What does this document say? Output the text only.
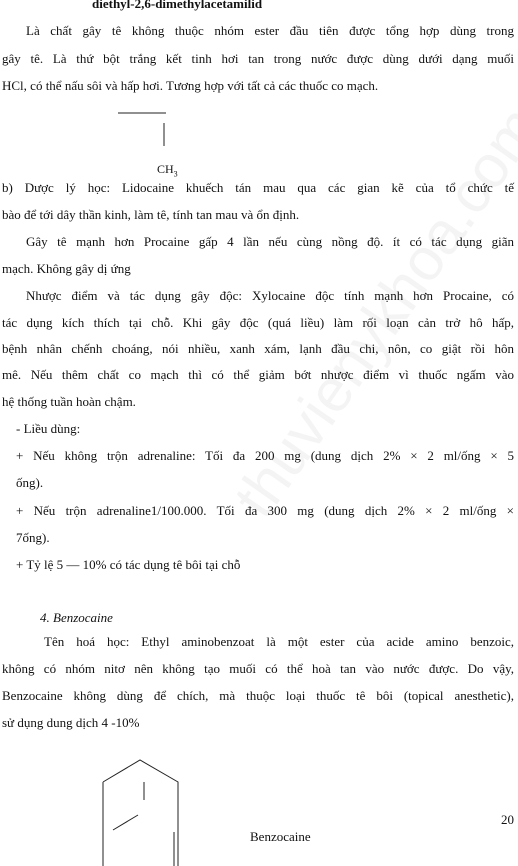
diethyl-2,6-dimethylacetamilid
Là chất gây tê không thuộc nhóm ester đầu tiên được tổng hợp dùng trong
gây tê. Là thứ bột trắng kết tinh hơi tan trong nước được dùng dưới dạng muối
HCl, có thể nấu sôi và hấp hơi. Tương hợp với tất cả các thuốc co mạch.
$CH_3$
b) Dược lý học: Lidocaine khuếch tán mau qua các gian kẽ của tổ chức tế
bào để tới dây thần kinh, làm tê, tính tan mau và ổn định.
Gây tê mạnh hơn Procaine gấp 4 lần nếu cùng nồng độ. ít có tác dụng giãn
mạch. Không gây dị ứng
Nhược điểm và tác dụng gây độc: Xylocaine độc tính mạnh hơn Procaine, có
tác dụng kích thích tại chỗ. Khi gây độc (quá liều) làm rối loạn cản trở hô hấp,
bệnh nhân chếnh choáng, nói nhiều, xanh xám, lạnh đầu chi, nôn, co giật rồi hôn
mê. Nếu thêm chất co mạch thì có thể giảm bớt nhược điểm vì thuốc ngấm vào
hệ thống tuần hoàn chậm.
- Liều dùng:
+ Nếu không trộn adrenaline: Tối đa 200 mg (dung dịch 2% × 2 ml/ống × 5
ống).
+ Nếu trộn adrenaline1/100.000. Tối đa 300 mg (dung dịch 2% × 2 ml/ống ×
7ống).
+ Tỷ lệ 5 — 10% có tác dụng tê bôi tại chỗ
4. Benzocaine
Tên hoá học: Ethyl aminobenzoat là một ester của acide amino benzoic,
không có nhóm nitơ nên không tạo muối có thể hoà tan vào nước được. Do vậy,
Benzocaine không dùng để chích, mà thuộc loại thuốc tê bôi (topical anesthetic),
sử dụng dung dịch 4 -10%
20
Benzocaine
